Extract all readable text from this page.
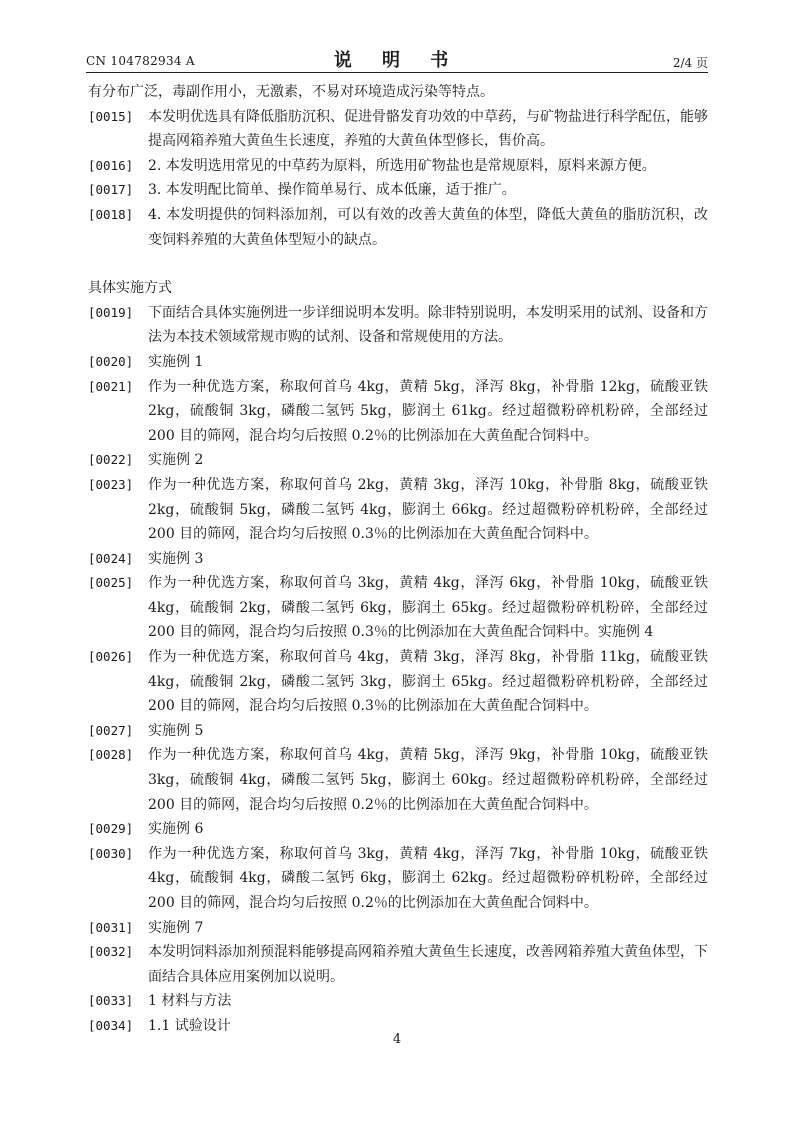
CN 104782934 A	说 明 书	2/4 页
有分布广泛，毒副作用小，无激素，不易对环境造成污染等特点。
[0015]	本发明优选具有降低脂肪沉积、促进骨骼发育功效的中草药，与矿物盐进行科学配伍，能够提高网箱养殖大黄鱼生长速度，养殖的大黄鱼体型修长，售价高。
[0016]	2. 本发明选用常见的中草药为原料，所选用矿物盐也是常规原料，原料来源方便。
[0017]	3. 本发明配比简单、操作简单易行、成本低廉，适于推广。
[0018]	4. 本发明提供的饲料添加剂，可以有效的改善大黄鱼的体型，降低大黄鱼的脂肪沉积，改变饲料养殖的大黄鱼体型短小的缺点。
具体实施方式
[0019]	下面结合具体实施例进一步详细说明本发明。除非特别说明，本发明采用的试剂、设备和方法为本技术领域常规市购的试剂、设备和常规使用的方法。
[0020]	实施例 1
[0021]	作为一种优选方案，称取何首乌 4kg，黄精 5kg，泽泻 8kg，补骨脂 12kg，硫酸亚铁 2kg，硫酸铜 3kg，磷酸二氢钙 5kg，膨润土 61kg。经过超微粉碎机粉碎，全部经过 200 目的筛网，混合均匀后按照 0.2％的比例添加在大黄鱼配合饲料中。
[0022]	实施例 2
[0023]	作为一种优选方案，称取何首乌 2kg，黄精 3kg，泽泻 10kg，补骨脂 8kg，硫酸亚铁 2kg，硫酸铜 5kg，磷酸二氢钙 4kg，膨润土 66kg。经过超微粉碎机粉碎，全部经过 200 目的筛网，混合均匀后按照 0.3％的比例添加在大黄鱼配合饲料中。
[0024]	实施例 3
[0025]	作为一种优选方案，称取何首乌 3kg，黄精 4kg，泽泻 6kg，补骨脂 10kg，硫酸亚铁 4kg，硫酸铜 2kg，磷酸二氢钙 6kg，膨润土 65kg。经过超微粉碎机粉碎，全部经过 200 目的筛网，混合均匀后按照 0.3％的比例添加在大黄鱼配合饲料中。实施例 4
[0026]	作为一种优选方案，称取何首乌 4kg，黄精 3kg，泽泻 8kg，补骨脂 11kg，硫酸亚铁 4kg，硫酸铜 2kg，磷酸二氢钙 3kg，膨润土 65kg。经过超微粉碎机粉碎，全部经过 200 目的筛网，混合均匀后按照 0.3％的比例添加在大黄鱼配合饲料中。
[0027]	实施例 5
[0028]	作为一种优选方案，称取何首乌 4kg，黄精 5kg，泽泻 9kg，补骨脂 10kg，硫酸亚铁 3kg，硫酸铜 4kg，磷酸二氢钙 5kg，膨润土 60kg。经过超微粉碎机粉碎，全部经过 200 目的筛网，混合均匀后按照 0.2％的比例添加在大黄鱼配合饲料中。
[0029]	实施例 6
[0030]	作为一种优选方案，称取何首乌 3kg，黄精 4kg，泽泻 7kg，补骨脂 10kg，硫酸亚铁 4kg，硫酸铜 4kg，磷酸二氢钙 6kg，膨润土 62kg。经过超微粉碎机粉碎，全部经过 200 目的筛网，混合均匀后按照 0.2％的比例添加在大黄鱼配合饲料中。
[0031]	实施例 7
[0032]	本发明饲料添加剂预混料能够提高网箱养殖大黄鱼生长速度，改善网箱养殖大黄鱼体型，下面结合具体应用案例加以说明。
[0033]	1 材料与方法
[0034]	1.1 试验设计
4
